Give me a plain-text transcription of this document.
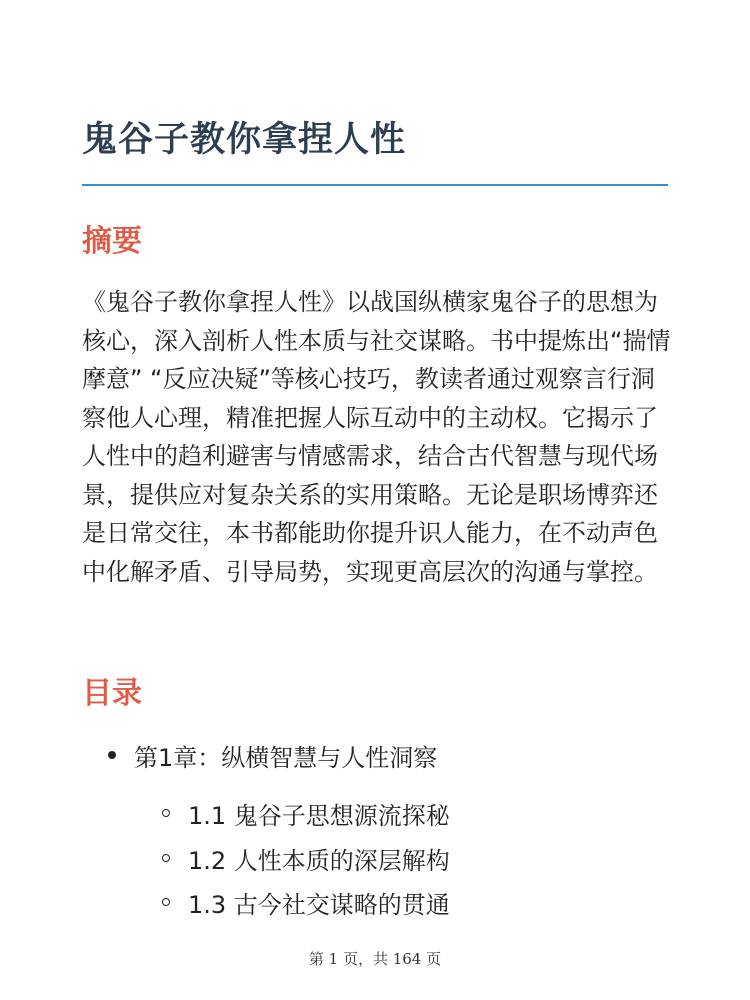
鬼谷子教你拿捏人性
摘要

《鬼谷子教你拿捏人性》以战国纵横家鬼谷子的思想为核心，深入剖析人性本质与社交谋略。书中提炼出“揣情摩意” “反应决疑”等核心技巧，教读者通过观察言行洞察他人心理，精准把握人际互动中的主动权。它揭示了人性中的趋利避害与情感需求，结合古代智慧与现代场景，提供应对复杂关系的实用策略。无论是职场博弈还是日常交往，本书都能助你提升识人能力，在不动声色中化解矛盾、引导局势，实现更高层次的沟通与掌控。

目录
第1章：纵横智慧与人性洞察
1.1 鬼谷子思想源流探秘
1.2 人性本质的深层解构
1.3 古今社交谋略的贯通
第 1 页，共 164 页
